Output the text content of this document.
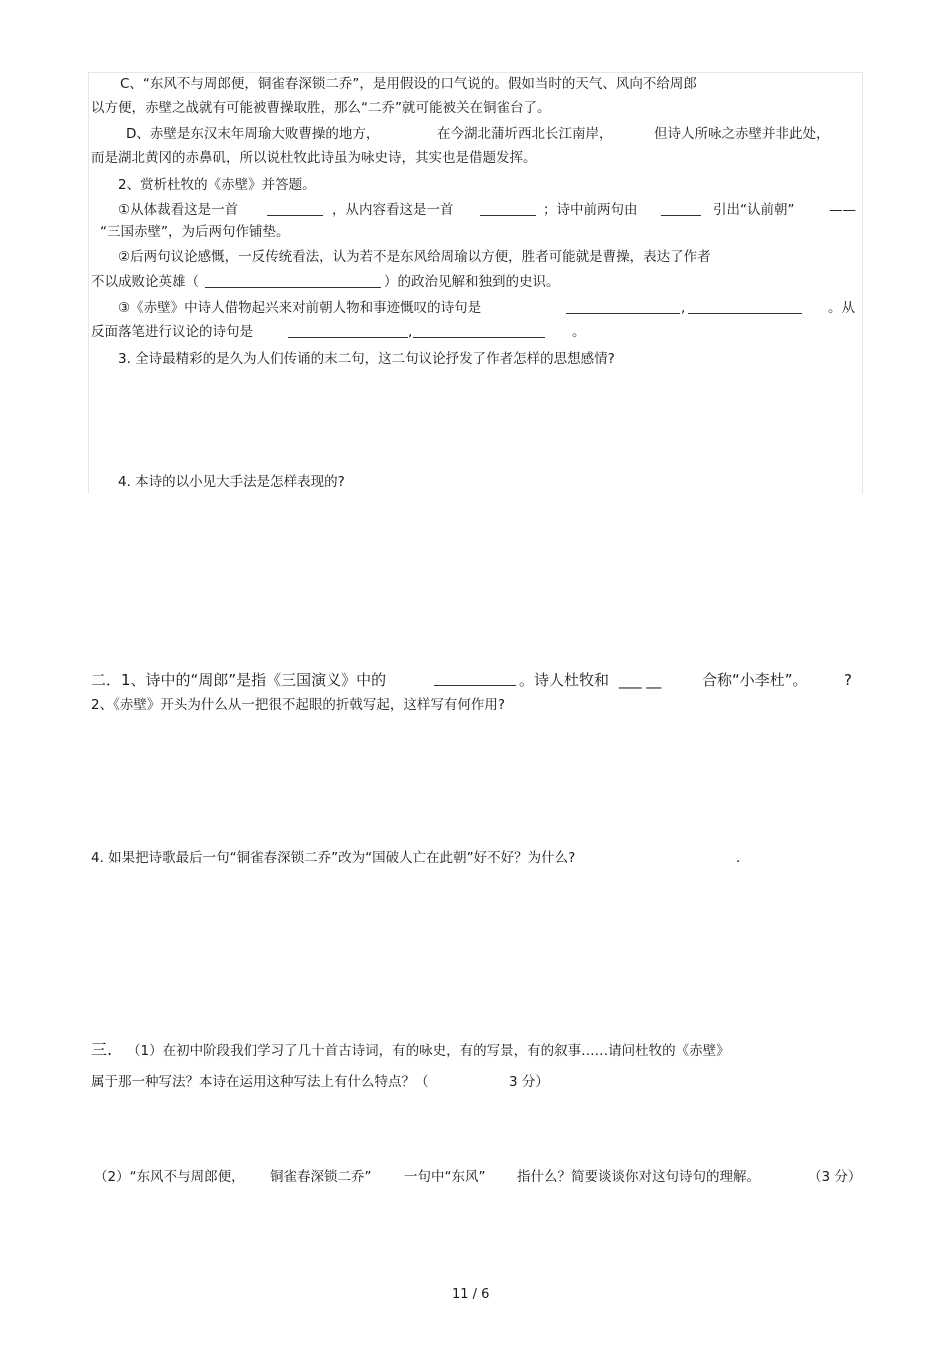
C、“东风不与周郎便，铜雀春深锁二乔”，是用假设的口气说的。假如当时的天气、风向不给周郎
以方便，赤壁之战就有可能被曹操取胜，那么“二乔”就可能被关在铜雀台了。
D、赤壁是东汉末年周瑜大败曹操的地方，	在今湖北蒲圻西北长江南岸，	但诗人所咏之赤壁并非此处，
而是湖北黄冈的赤鼻矶，所以说杜牧此诗虽为咏史诗，其实也是借题发挥。
2、赏析杜牧的《赤壁》并答题。
①从体裁看这是一首	，从内容看这是一首	；诗中前两句由	引出“认前朝”	——
“三国赤壁”，为后两句作铺垫。
②后两句议论感慨，一反传统看法，认为若不是东风给周瑜以方便，胜者可能就是曹操，表达了作者
不以成败论英雄（	）的政治见解和独到的史识。
③《赤壁》中诗人借物起兴来对前朝人物和事迹慨叹的诗句是	,	。从
反面落笔进行议论的诗句是	,	。
3. 全诗最精彩的是久为人们传诵的末二句，这二句议论抒发了作者怎样的思想感情?
4. 本诗的以小见大手法是怎样表现的?
二．1、诗中的“周郎”是指《三国演义》中的	。诗人杜牧和 ___ __	合称“小李杜”。 ?
2、《赤壁》开头为什么从一把很不起眼的折戟写起，这样写有何作用?
4. 如果把诗歌最后一句“铜雀春深锁二乔”改为“国破人亡在此朝”好不好？为什么?	.
三. （1）在初中阶段我们学习了几十首古诗词，有的咏史，有的写景，有的叙事……请问杜牧的《赤壁》
属于那一种写法？本诗在运用这种写法上有什么特点？（	3 分）
（2）“东风不与周郎便， 铜雀春深锁二乔” 一句中“东风” 指什么？简要谈谈你对这句诗句的理解。	（3 分）
11 / 6
